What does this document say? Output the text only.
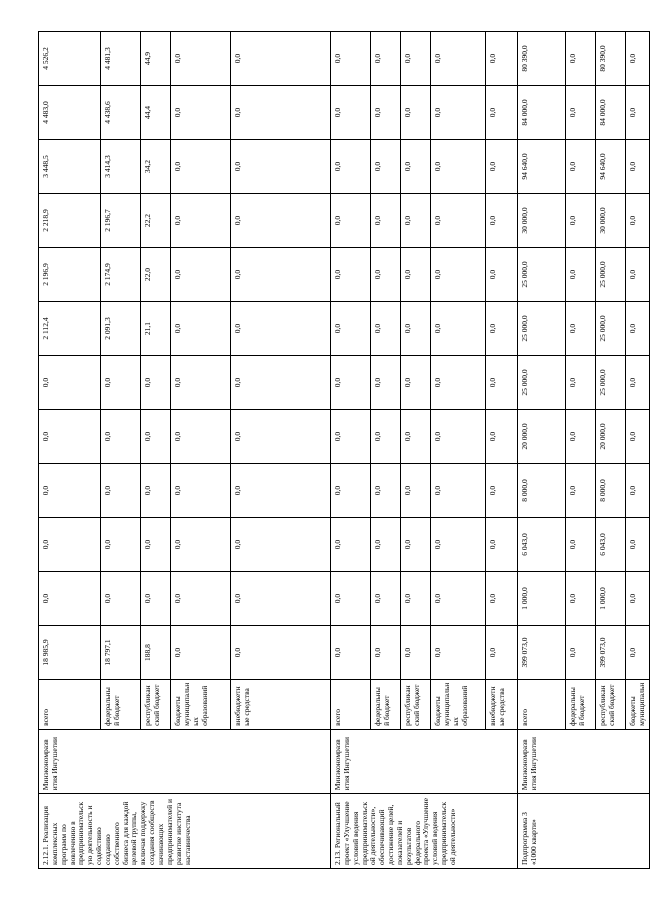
2.12.1. Реализация комплексных программ по вовлечению в предпринимательск ую деятельность и содействию созданию собственного бизнеса для каждой целевой группы, включая поддержку создания сообществ начинающих предпринимателей и развитие института наставничества	Минэкономразв ития Ингушетии	всего	18 985,9	0,0	0,0	0,0	0,0	0,0	2 112,4	2 196,9	2 218,9	3 448,5	4 483,0	4 526,2
		федеральны й бюджет	18 797,1	0,0	0,0	0,0	0,0	0,0	2 091,3	2 174,9	2 196,7	3 414,3	4 438,6	4 481,3
		республикан ский бюджет	188,8	0,0	0,0	0,0	0,0	0,0	21,1	22,0	22,2	34,2	44,4	44,9
		бюджеты муниципальн ых образований	0,0	0,0	0,0	0,0	0,0	0,0	0,0	0,0	0,0	0,0	0,0	0,0
		внебюджетн ые средства	0,0	0,0	0,0	0,0	0,0	0,0	0,0	0,0	0,0	0,0	0,0	0,0
2.13. Региональный проект «Улучшение условий ведения предпринимательск ой деятельности», обеспечивающий достижение целей, показателей и результатов федерального проекта «Улучшение условий ведения предпринимательск ой деятельности»	Минэкономразв ития Ингушетии	всего	0,0	0,0	0,0	0,0	0,0	0,0	0,0	0,0	0,0	0,0	0,0	0,0
		федеральны й бюджет	0,0	0,0	0,0	0,0	0,0	0,0	0,0	0,0	0,0	0,0	0,0	0,0
		республикан ский бюджет	0,0	0,0	0,0	0,0	0,0	0,0	0,0	0,0	0,0	0,0	0,0	0,0
		бюджеты муниципальн ых образований	0,0	0,0	0,0	0,0	0,0	0,0	0,0	0,0	0,0	0,0	0,0	0,0
		внебюджетн ые средства	0,0	0,0	0,0	0,0	0,0	0,0	0,0	0,0	0,0	0,0	0,0	0,0
Подпрограмма 3 «1000 кварти»	Минэкономразв ития Ингушетии	всего	399 073,0	1 000,0	6 043,0	8 000,0	20 000,0	25 000,0	25 000,0	25 000,0	30 000,0	94 640,0	84 000,0	80 390,0
		федеральны й бюджет	0,0	0,0	0,0	0,0	0,0	0,0	0,0	0,0	0,0	0,0	0,0	0,0
		республикан ский бюджет	399 073,0	1 000,0	6 043,0	8 000,0	20 000,0	25 000,0	25 000,0	25 000,0	30 000,0	94 640,0	84 000,0	80 390,0
		бюджеты муниципальн	0,0	0,0	0,0	0,0	0,0	0,0	0,0	0,0	0,0	0,0	0,0	0,0
